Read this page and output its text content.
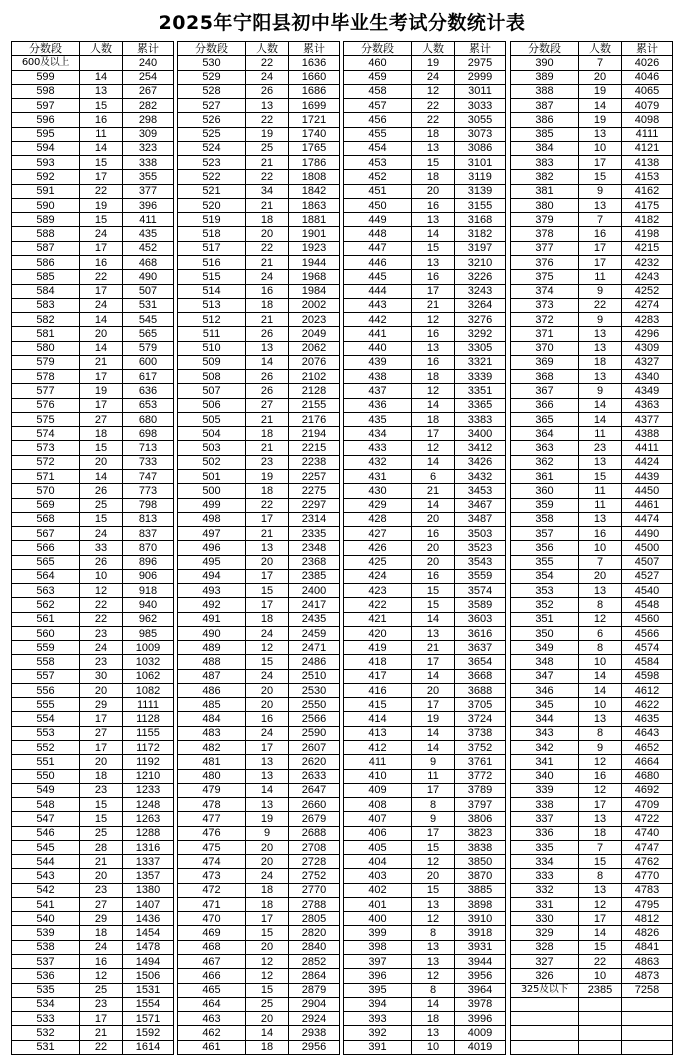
2025年宁阳县初中毕业生考试分数统计表
分数段	人数	累计
600及以上		240
599	14	254
598	13	267
597	15	282
596	16	298
595	11	309
594	14	323
593	15	338
592	17	355
591	22	377
590	19	396
589	15	411
588	24	435
587	17	452
586	16	468
585	22	490
584	17	507
583	24	531
582	14	545
581	20	565
580	14	579
579	21	600
578	17	617
577	19	636
576	17	653
575	27	680
574	18	698
573	15	713
572	20	733
571	14	747
570	26	773
569	25	798
568	15	813
567	24	837
566	33	870
565	26	896
564	10	906
563	12	918
562	22	940
561	22	962
560	23	985
559	24	1009
558	23	1032
557	30	1062
556	20	1082
555	29	1111
554	17	1128
553	27	1155
552	17	1172
551	20	1192
550	18	1210
549	23	1233
548	15	1248
547	15	1263
546	25	1288
545	28	1316
544	21	1337
543	20	1357
542	23	1380
541	27	1407
540	29	1436
539	18	1454
538	24	1478
537	16	1494
536	12	1506
535	25	1531
534	23	1554
533	17	1571
532	21	1592
531	22	1614
分数段	人数	累计
530	22	1636
529	24	1660
528	26	1686
527	13	1699
526	22	1721
525	19	1740
524	25	1765
523	21	1786
522	22	1808
521	34	1842
520	21	1863
519	18	1881
518	20	1901
517	22	1923
516	21	1944
515	24	1968
514	16	1984
513	18	2002
512	21	2023
511	26	2049
510	13	2062
509	14	2076
508	26	2102
507	26	2128
506	27	2155
505	21	2176
504	18	2194
503	21	2215
502	23	2238
501	19	2257
500	18	2275
499	22	2297
498	17	2314
497	21	2335
496	13	2348
495	20	2368
494	17	2385
493	15	2400
492	17	2417
491	18	2435
490	24	2459
489	12	2471
488	15	2486
487	24	2510
486	20	2530
485	20	2550
484	16	2566
483	24	2590
482	17	2607
481	13	2620
480	13	2633
479	14	2647
478	13	2660
477	19	2679
476	9	2688
475	20	2708
474	20	2728
473	24	2752
472	18	2770
471	18	2788
470	17	2805
469	15	2820
468	20	2840
467	12	2852
466	12	2864
465	15	2879
464	25	2904
463	20	2924
462	14	2938
461	18	2956
分数段	人数	累计
460	19	2975
459	24	2999
458	12	3011
457	22	3033
456	22	3055
455	18	3073
454	13	3086
453	15	3101
452	18	3119
451	20	3139
450	16	3155
449	13	3168
448	14	3182
447	15	3197
446	13	3210
445	16	3226
444	17	3243
443	21	3264
442	12	3276
441	16	3292
440	13	3305
439	16	3321
438	18	3339
437	12	3351
436	14	3365
435	18	3383
434	17	3400
433	12	3412
432	14	3426
431	6	3432
430	21	3453
429	14	3467
428	20	3487
427	16	3503
426	20	3523
425	20	3543
424	16	3559
423	15	3574
422	15	3589
421	14	3603
420	13	3616
419	21	3637
418	17	3654
417	14	3668
416	20	3688
415	17	3705
414	19	3724
413	14	3738
412	14	3752
411	9	3761
410	11	3772
409	17	3789
408	8	3797
407	9	3806
406	17	3823
405	15	3838
404	12	3850
403	20	3870
402	15	3885
401	13	3898
400	12	3910
399	8	3918
398	13	3931
397	13	3944
396	12	3956
395	8	3964
394	14	3978
393	18	3996
392	13	4009
391	10	4019
分数段	人数	累计
390	7	4026
389	20	4046
388	19	4065
387	14	4079
386	19	4098
385	13	4111
384	10	4121
383	17	4138
382	15	4153
381	9	4162
380	13	4175
379	7	4182
378	16	4198
377	17	4215
376	17	4232
375	11	4243
374	9	4252
373	22	4274
372	9	4283
371	13	4296
370	13	4309
369	18	4327
368	13	4340
367	9	4349
366	14	4363
365	14	4377
364	11	4388
363	23	4411
362	13	4424
361	15	4439
360	11	4450
359	11	4461
358	13	4474
357	16	4490
356	10	4500
355	7	4507
354	20	4527
353	13	4540
352	8	4548
351	12	4560
350	6	4566
349	8	4574
348	10	4584
347	14	4598
346	14	4612
345	10	4622
344	13	4635
343	8	4643
342	9	4652
341	12	4664
340	16	4680
339	12	4692
338	17	4709
337	13	4722
336	18	4740
335	7	4747
334	15	4762
333	8	4770
332	13	4783
331	12	4795
330	17	4812
329	14	4826
328	15	4841
327	22	4863
326	10	4873
325及以下	2385	7258
